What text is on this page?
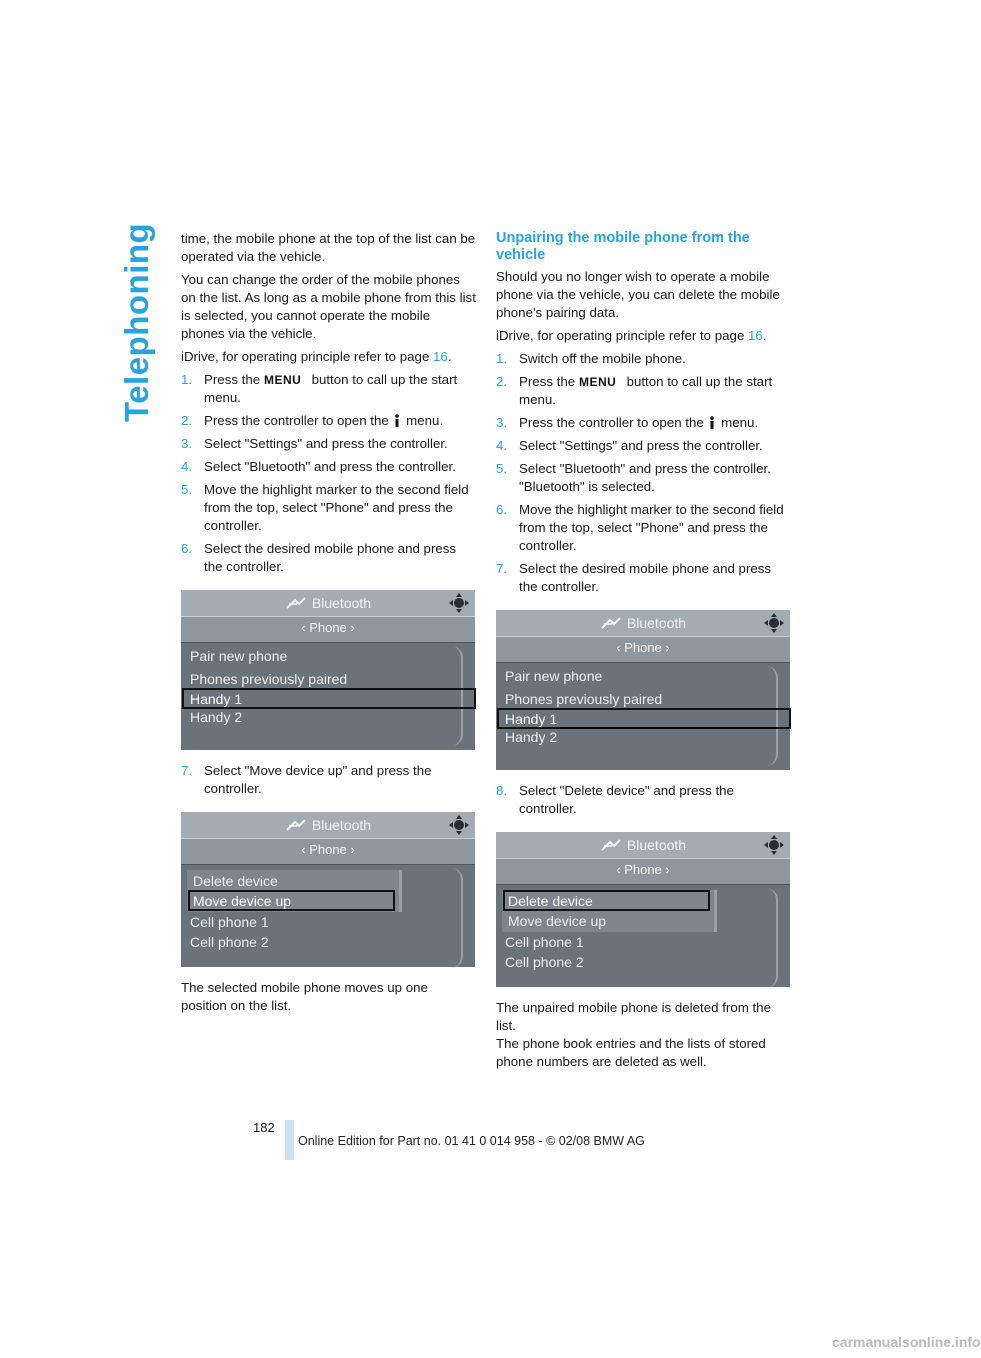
Telephoning time, the mobile phone at the top of the list can be operated via the vehicle.

You can change the order of the mobile phones on the list. As long as a mobile phone from this list is selected, you cannot operate the mobile phones via the vehicle.

iDrive, for operating principle refer to page 16.

1. Press the MENU button to call up the start menu.
2. Press the controller to open the  menu.
3. Select "Settings" and press the controller.
4. Select "Bluetooth" and press the controller.
5. Move the highlight marker to the second field from the top, select "Phone" and press the controller.
6. Select the desired mobile phone and press the controller.
Bluetooth
‹ Phone ›
Pair new phone
Phones previously paired
Handy 1
Handy 2
7. Select "Move device up" and press the controller.
Bluetooth
‹ Phone ›
Delete device
Move device up
Cell phone 1
Cell phone 2

The selected mobile phone moves up one position on the list.

Unpairing the mobile phone from the vehicle

Should you no longer wish to operate a mobile phone via the vehicle, you can delete the mobile phone's pairing data.

iDrive, for operating principle refer to page 16.

1. Switch off the mobile phone.
2. Press the MENU button to call up the start menu.
3. Press the controller to open the  menu.
4. Select "Settings" and press the controller.
5. Select "Bluetooth" and press the controller. "Bluetooth" is selected.
6. Move the highlight marker to the second field from the top, select "Phone" and press the controller.
7. Select the desired mobile phone and press the controller.
Bluetooth
‹ Phone ›
Pair new phone
Phones previously paired
Handy 1
Handy 2
8. Select "Delete device" and press the controller.
Bluetooth
‹ Phone ›
Delete device
Move device up
Cell phone 1
Cell phone 2

The unpaired mobile phone is deleted from the list.

The phone book entries and the lists of stored phone numbers are deleted as well.

182
Online Edition for Part no. 01 41 0 014 958 - © 02/08 BMW AG
carmanualsonline.info
